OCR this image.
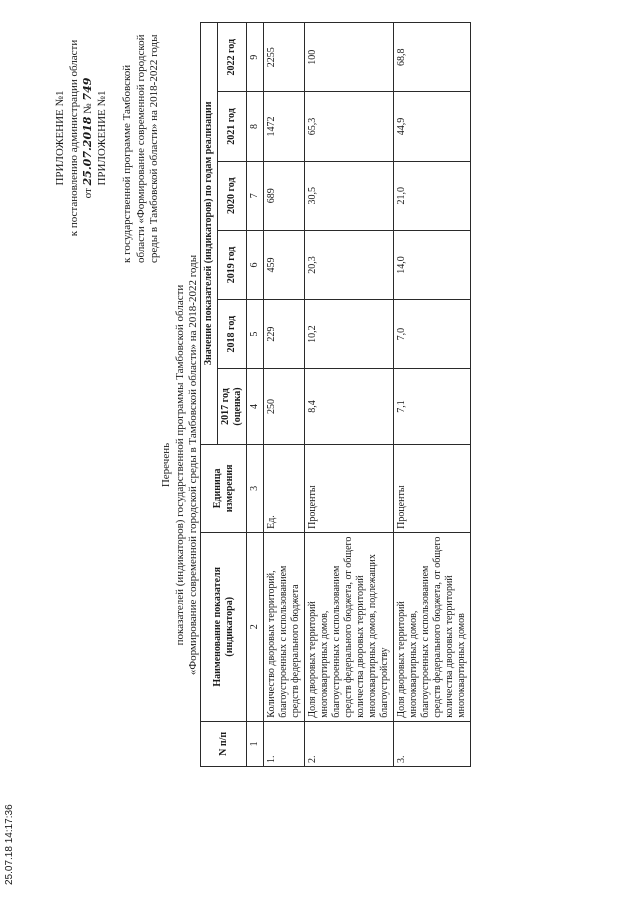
25.07.18 14:17:36
ПРИЛОЖЕНИЕ №1 к постановлению администрации области от 25.07.2018 № 749
ПРИЛОЖЕНИЕ №1 к государственной программе Тамбовской области «Формирование современной городской среды в Тамбовской области» на 2018-2022 годы
Перечень показателей (индикаторов) государственной программы Тамбовской области «Формирование современной городской среды в Тамбовской области» на 2018-2022 годы
N п/п	Наименование показателя (индикатора)	Единица измерения	Значение показателей (индикаторов) по годам реализации					
			2017 год (оценка)	2018 год	2019 год	2020 год	2021 год	2022 год
1	2	3	4	5	6	7	8	9
1.	Количество дворовых территорий, благоустроенных с использованием средств федерального бюджета	Ед.	250	229	459	689	1472	2255
2.	Доля дворовых территорий многоквартирных домов, благоустроенных с использованием средств федерального бюджета, от общего количества дворовых территорий многоквартирных домов, подлежащих благоустройству	Проценты	8,4	10,2	20,3	30,5	65,3	100
3.	Доля дворовых территорий многоквартирных домов, благоустроенных с использованием средств федерального бюджета, от общего количества дворовых территорий многоквартирных домов	Проценты	7,1	7,0	14,0	21,0	44,9	68,8
